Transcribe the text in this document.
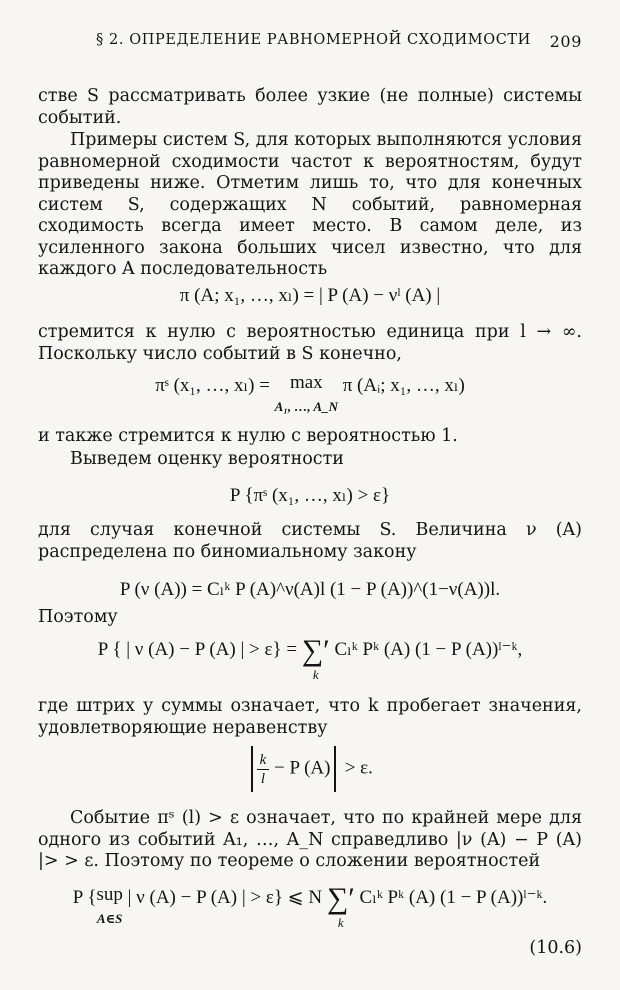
§ 2. ОПРЕДЕЛЕНИЕ РАВНОМЕРНОЙ СХОДИМОСТИ 209
стве S рассматривать более узкие (не полные) системы событий.
Примеры систем S, для которых выполняются условия равномерной сходимости частот к вероятностям, будут приведены ниже. Отметим лишь то, что для конечных систем S, содержащих N событий, равномерная сходимость всегда имеет место. В самом деле, из усиленного закона больших чисел известно, что для каждого A последовательность
π (A; x₁, …, xₗ) = | P (A) − νˡ (A) |
стремится к нулю с вероятностью единица при l → ∞. Поскольку число событий в S конечно,
πˢ (x₁, …, xₗ) = max
A₁, …, A_N
π (Aᵢ; x₁, …, xₗ)
и также стремится к нулю с вероятностью 1.
Выведем оценку вероятности
P {πˢ (x₁, …, xₗ) > ε}
для случая конечной системы S. Величина ν (A) распределена по биномиальному закону
P (ν (A)) = Cₗᵏ P (A)^ν(A)l (1 − P (A))^(1−ν(A))l.
Поэтому
P { | ν (A) − P (A) | > ε} = ∑′
k
Cₗᵏ Pᵏ (A) (1 − P (A))ˡ⁻ᵏ,
где штрих у суммы означает, что k пробегает значения, удовлетворяющие неравенству
$\frac{k}{l} - P$ (A) > ε.
Событие πˢ (l) > ε означает, что по крайней мере для одного из событий A₁, …, A_N справедливо |ν (A) − P (A) |> > ε. Поэтому по теореме о сложении вероятностей
P {sup
A∈S
| ν (A) − P (A) | > ε} ⩽ N ∑′
k
Cₗᵏ Pᵏ (A) (1 − P (A))ˡ⁻ᵏ.
(10.6)
